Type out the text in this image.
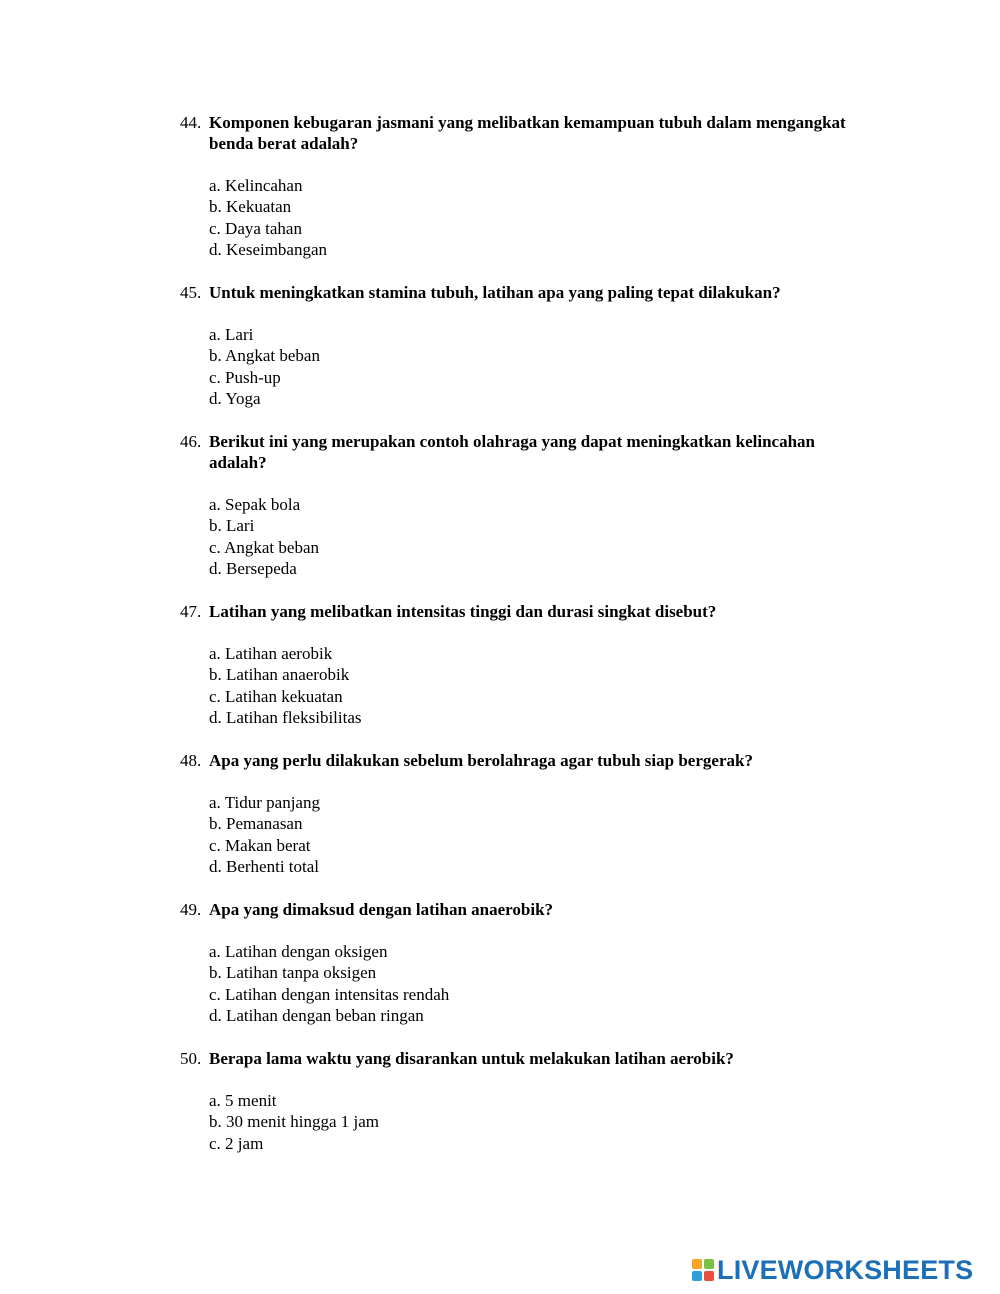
44. Komponen kebugaran jasmani yang melibatkan kemampuan tubuh dalam mengangkat benda berat adalah?

a. Kelincahan
b. Kekuatan
c. Daya tahan
d. Keseimbangan

45. Untuk meningkatkan stamina tubuh, latihan apa yang paling tepat dilakukan?

a. Lari
b. Angkat beban
c. Push-up
d. Yoga

46. Berikut ini yang merupakan contoh olahraga yang dapat meningkatkan kelincahan adalah?

a. Sepak bola
b. Lari
c. Angkat beban
d. Bersepeda

47. Latihan yang melibatkan intensitas tinggi dan durasi singkat disebut?

a. Latihan aerobik
b. Latihan anaerobik
c. Latihan kekuatan
d. Latihan fleksibilitas

48. Apa yang perlu dilakukan sebelum berolahraga agar tubuh siap bergerak?

a. Tidur panjang
b. Pemanasan
c. Makan berat
d. Berhenti total

49. Apa yang dimaksud dengan latihan anaerobik?

a. Latihan dengan oksigen
b. Latihan tanpa oksigen
c. Latihan dengan intensitas rendah
d. Latihan dengan beban ringan

50. Berapa lama waktu yang disarankan untuk melakukan latihan aerobik?

a. 5 menit
b. 30 menit hingga 1 jam
c. 2 jam
LIVEWORKSHEETS
